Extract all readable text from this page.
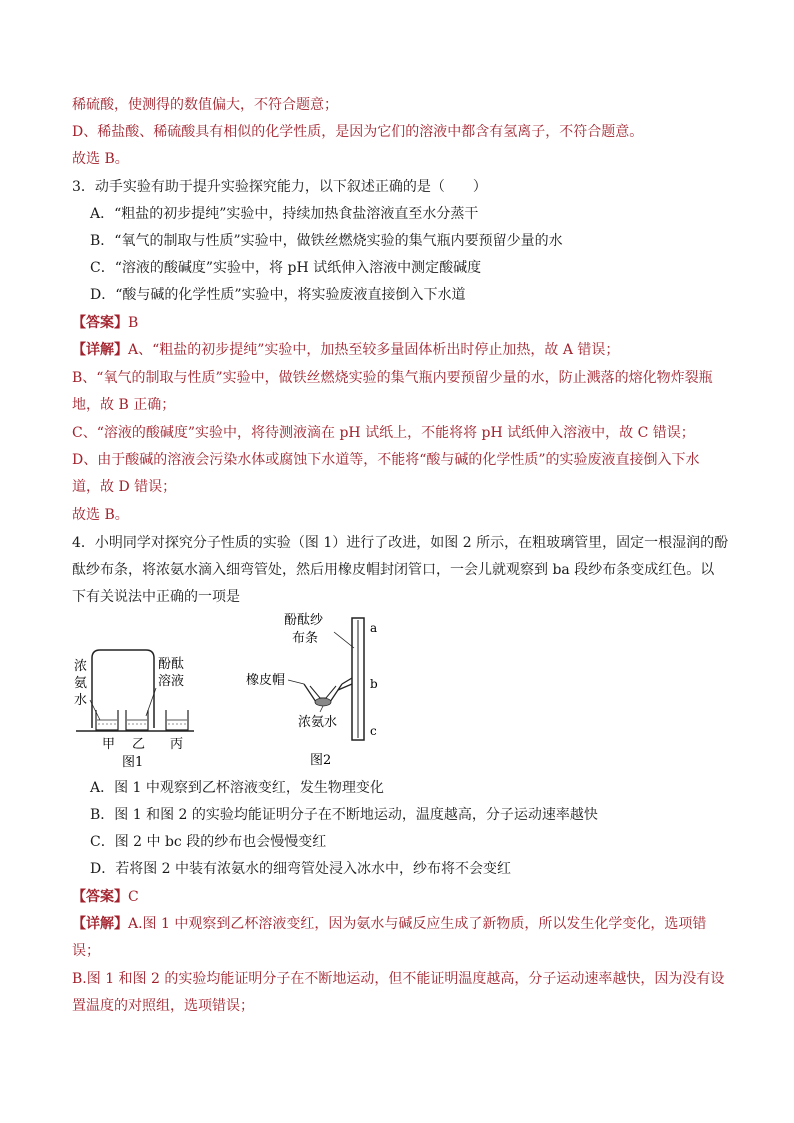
稀硫酸，使测得的数值偏大，不符合题意；
D、稀盐酸、稀硫酸具有相似的化学性质，是因为它们的溶液中都含有氢离子，不符合题意。
故选 B。
3．动手实验有助于提升实验探究能力，以下叙述正确的是（　　）
A．“粗盐的初步提纯”实验中，持续加热食盐溶液直至水分蒸干
B．“氧气的制取与性质”实验中，做铁丝燃烧实验的集气瓶内要预留少量的水
C．“溶液的酸碱度”实验中，将 pH 试纸伸入溶液中测定酸碱度
D．“酸与碱的化学性质”实验中，将实验废液直接倒入下水道
【答案】B
【详解】A、“粗盐的初步提纯”实验中，加热至较多量固体析出时停止加热，故 A 错误；
B、“氧气的制取与性质”实验中，做铁丝燃烧实验的集气瓶内要预留少量的水，防止溅落的熔化物炸裂瓶
地，故 B 正确；
C、“溶液的酸碱度”实验中，将待测液滴在 pH 试纸上，不能将将 pH 试纸伸入溶液中，故 C 错误；
D、由于酸碱的溶液会污染水体或腐蚀下水道等，不能将“酸与碱的化学性质”的实验废液直接倒入下水
道，故 D 错误；
故选 B。
4．小明同学对探究分子性质的实验（图 1）进行了改进，如图 2 所示，在粗玻璃管里，固定一根湿润的酚
酞纱布条，将浓氨水滴入细弯管处，然后用橡皮帽封闭管口，一会儿就观察到 ba 段纱布条变成红色。以
下有关说法中正确的一项是
浓
氨
水
酚酞
溶液
甲 乙 丙
图1
酚酞纱
布条
a
b
c
橡皮帽
浓氨水
图2
A．图 1 中观察到乙杯溶液变红，发生物理变化
B．图 1 和图 2 的实验均能证明分子在不断地运动，温度越高，分子运动速率越快
C．图 2 中 bc 段的纱布也会慢慢变红
D．若将图 2 中装有浓氨水的细弯管处浸入冰水中，纱布将不会变红
【答案】C
【详解】A.图 1 中观察到乙杯溶液变红，因为氨水与碱反应生成了新物质，所以发生化学变化，选项错
误；
B.图 1 和图 2 的实验均能证明分子在不断地运动，但不能证明温度越高，分子运动速率越快，因为没有设
置温度的对照组，选项错误；
